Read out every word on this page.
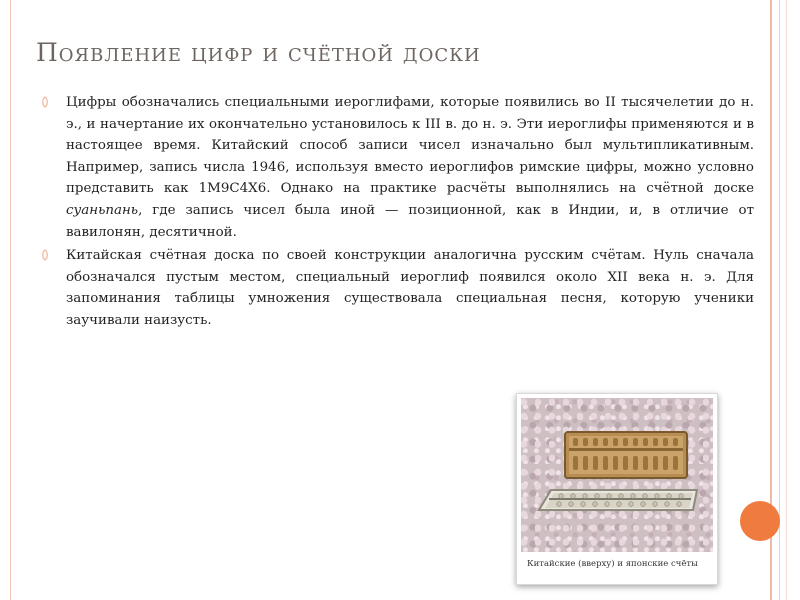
Появление цифр и счётной доски

Цифры обозначались специальными иероглифами, которые появились во II тысячелетии до н. э., и начертание их окончательно установилось к III в. до н. э. Эти иероглифы применяются и в настоящее время. Китайский способ записи чисел изначально был мультипликативным. Например, запись числа 1946, используя вместо иероглифов римские цифры, можно условно представить как 1M9C4X6. Однако на практике расчёты выполнялись на счётной доске суаньпань, где запись чисел была иной — позиционной, как в Индии, и, в отличие от вавилонян, десятичной.

Китайская счётная доска по своей конструкции аналогична русским счётам. Нуль сначала обозначался пустым местом, специальный иероглиф появился около XII века н. э. Для запоминания таблицы умножения существовала специальная песня, которую ученики заучивали наизусть.

Китайские (вверху) и японские счёты
